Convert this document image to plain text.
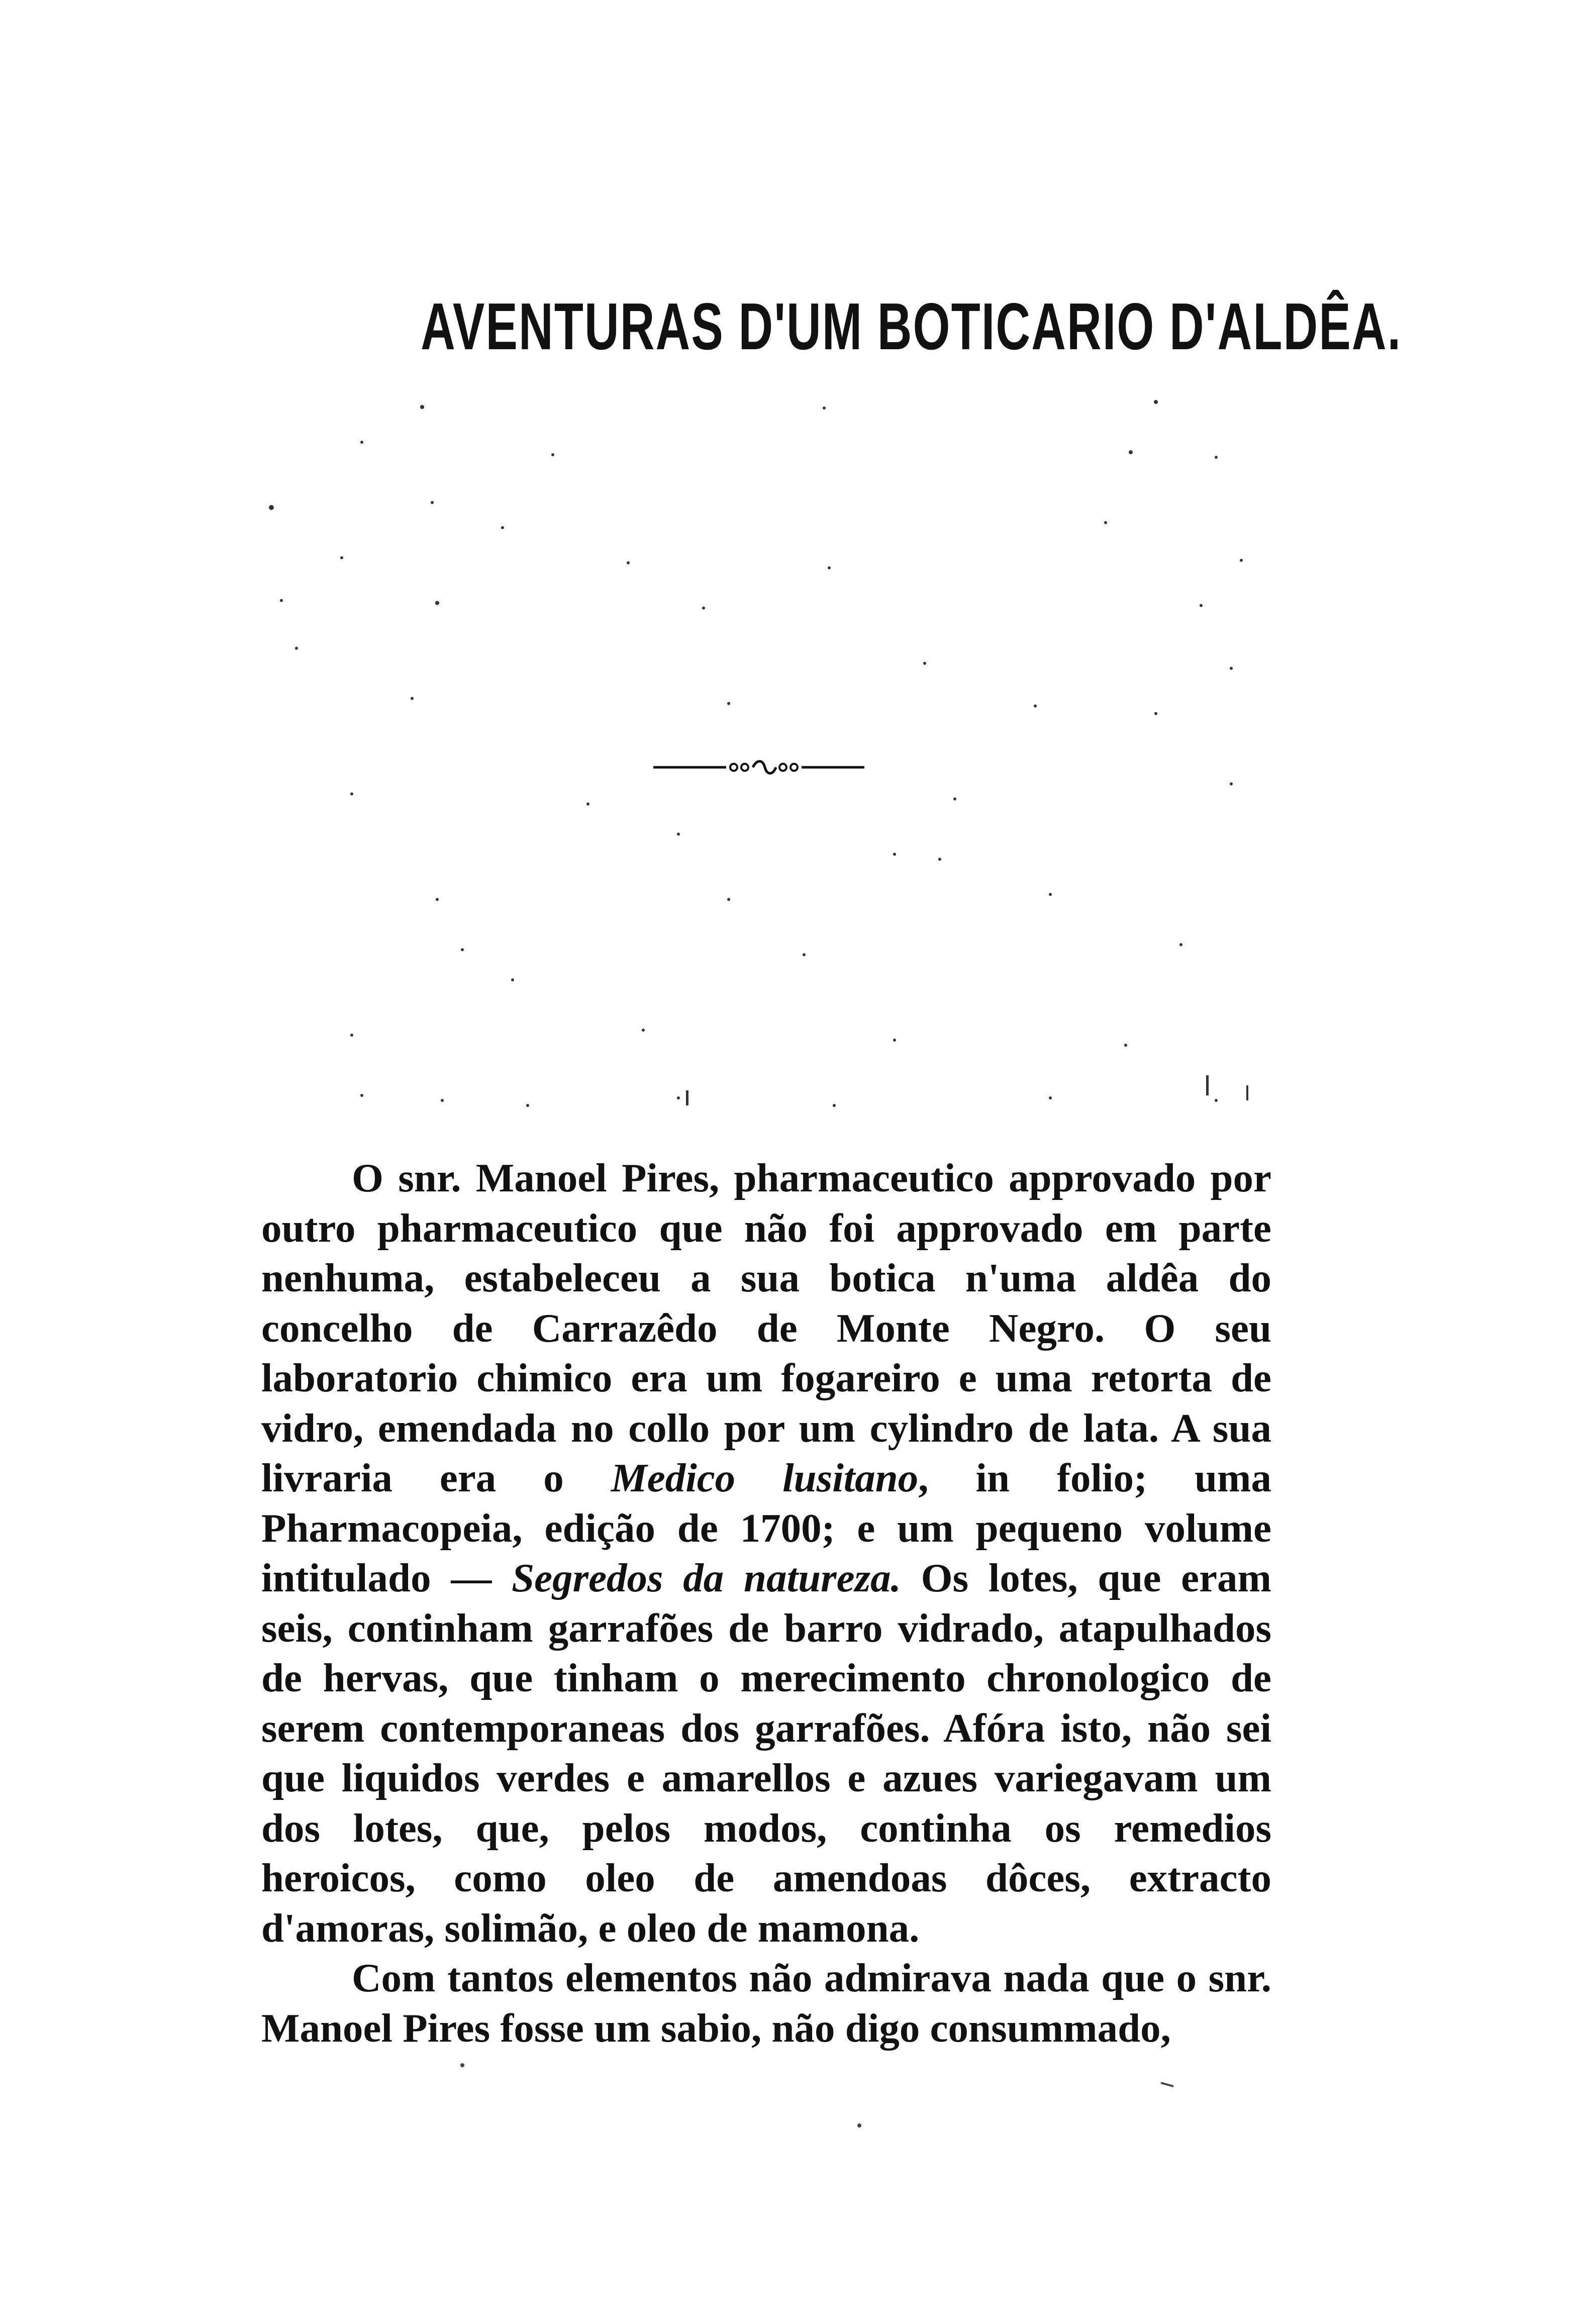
AVENTURAS D'UM BOTICARIO D'ALDÊA.

O snr. Manoel Pires, pharmaceutico approvado por outro pharmaceutico que não foi approvado em parte nenhuma, estabeleceu a sua botica n'uma aldêa do concelho de Carrazêdo de Monte Negro. O seu laboratorio chimico era um fogareiro e uma retorta de vidro, emendada no collo por um cylindro de lata. A sua livraria era o Medico lusitano, in folio; uma Pharmacopeia, edição de 1700; e um pequeno volume intitulado — Segredos da natureza. Os lotes, que eram seis, continham garrafões de barro vidrado, atapulhados de hervas, que tinham o merecimento chronologico de serem contemporaneas dos garrafões. Afóra isto, não sei que liquidos verdes e amarellos e azues variegavam um dos lotes, que, pelos modos, continha os remedios heroicos, como oleo de amendoas dôces, extracto d'amoras, solimão, e oleo de mamona.

Com tantos elementos não admirava nada que o snr. Manoel Pires fosse um sabio, não digo consummado,
